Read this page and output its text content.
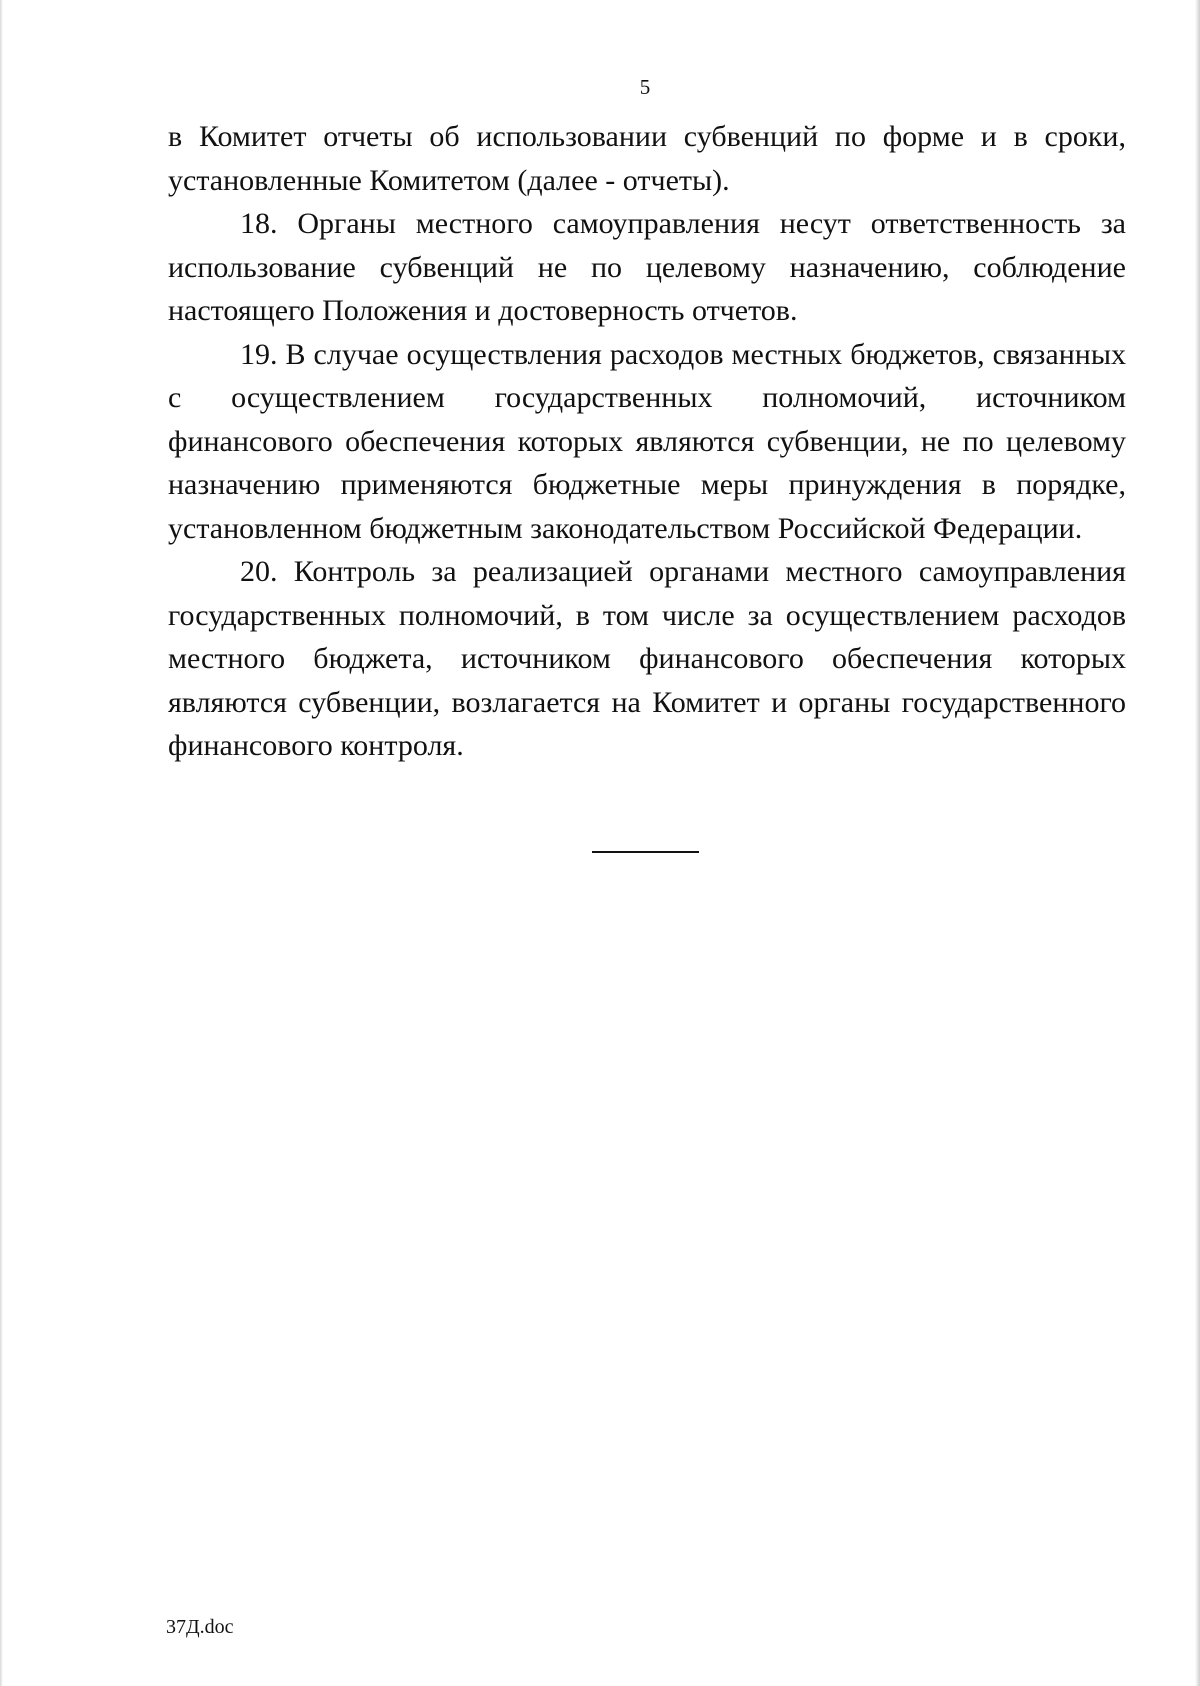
5

в Комитет отчеты об использовании субвенций по форме и в сроки, установленные Комитетом (далее - отчеты).

18. Органы местного самоуправления несут ответственность за использование субвенций не по целевому назначению, соблюдение настоящего Положения и достоверность отчетов.

19. В случае осуществления расходов местных бюджетов, связанных с осуществлением государственных полномочий, источником финансового обеспечения которых являются субвенции, не по целевому назначению применяются бюджетные меры принуждения в порядке, установленном бюджетным законодательством Российской Федерации.

20. Контроль за реализацией органами местного самоуправления государственных полномочий, в том числе за осуществлением расходов местного бюджета, источником финансового обеспечения которых являются субвенции, возлагается на Комитет и органы государственного финансового контроля.

37Д.doc
